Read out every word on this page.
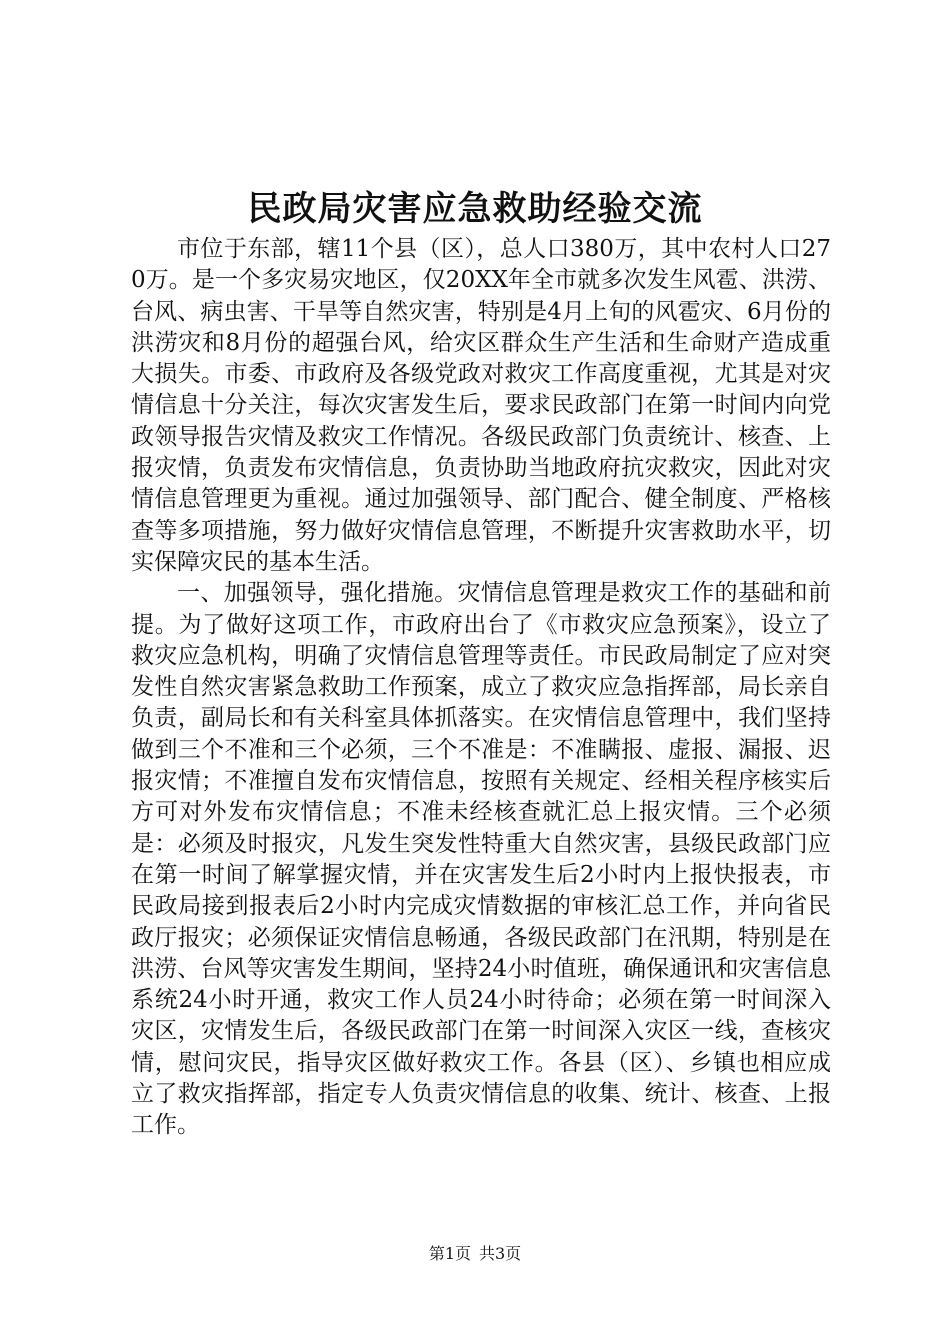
民政局灾害应急救助经验交流

市位于东部，辖11个县（区），总人口380万，其中农村人口270万。是一个多灾易灾地区，仅20XX年全市就多次发生风雹、洪涝、台风、病虫害、干旱等自然灾害，特别是4月上旬的风雹灾、6月份的洪涝灾和8月份的超强台风，给灾区群众生产生活和生命财产造成重大损失。市委、市政府及各级党政对救灾工作高度重视，尤其是对灾情信息十分关注，每次灾害发生后，要求民政部门在第一时间内向党政领导报告灾情及救灾工作情况。各级民政部门负责统计、核查、上报灾情，负责发布灾情信息，负责协助当地政府抗灾救灾，因此对灾情信息管理更为重视。通过加强领导、部门配合、健全制度、严格核查等多项措施，努力做好灾情信息管理，不断提升灾害救助水平，切实保障灾民的基本生活。

一、加强领导，强化措施。灾情信息管理是救灾工作的基础和前提。为了做好这项工作，市政府出台了《市救灾应急预案》，设立了救灾应急机构，明确了灾情信息管理等责任。市民政局制定了应对突发性自然灾害紧急救助工作预案，成立了救灾应急指挥部，局长亲自负责，副局长和有关科室具体抓落实。在灾情信息管理中，我们坚持做到三个不准和三个必须，三个不准是：不准瞒报、虚报、漏报、迟报灾情；不准擅自发布灾情信息，按照有关规定、经相关程序核实后方可对外发布灾情信息；不准未经核查就汇总上报灾情。三个必须是：必须及时报灾，凡发生突发性特重大自然灾害，县级民政部门应在第一时间了解掌握灾情，并在灾害发生后2小时内上报快报表，市民政局接到报表后2小时内完成灾情数据的审核汇总工作，并向省民政厅报灾；必须保证灾情信息畅通，各级民政部门在汛期，特别是在洪涝、台风等灾害发生期间，坚持24小时值班，确保通讯和灾害信息系统24小时开通，救灾工作人员24小时待命；必须在第一时间深入灾区，灾情发生后，各级民政部门在第一时间深入灾区一线，查核灾情，慰问灾民，指导灾区做好救灾工作。各县（区）、乡镇也相应成立了救灾指挥部，指定专人负责灾情信息的收集、统计、核查、上报工作。

第1页 共3页
